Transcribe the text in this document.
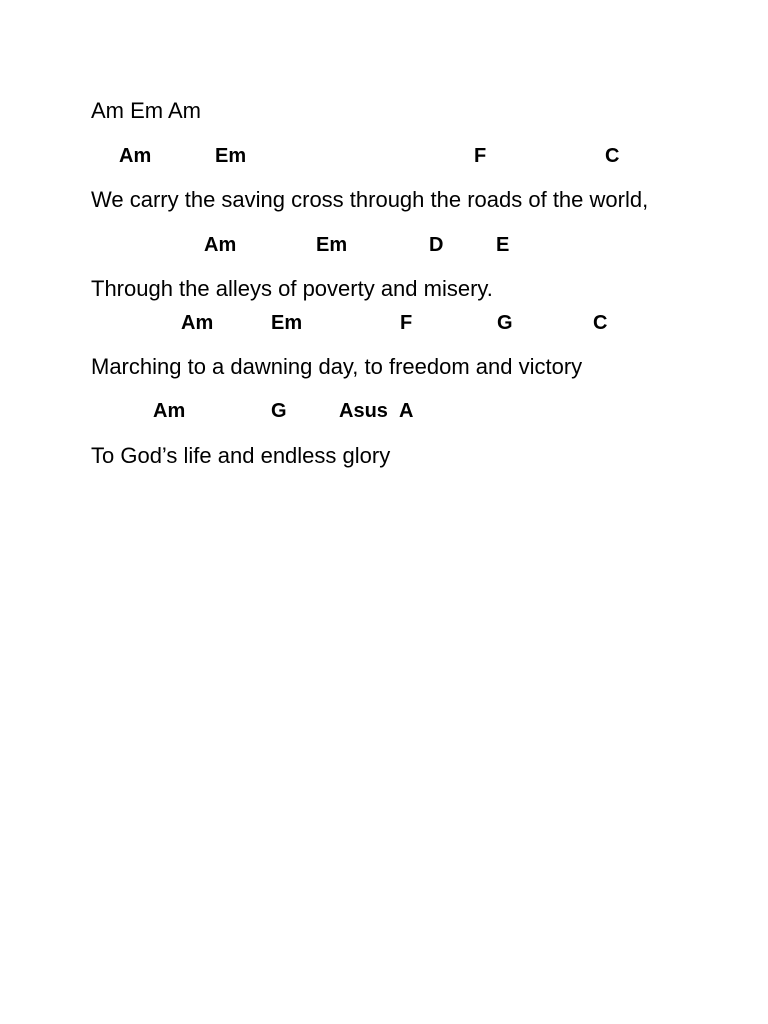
Am Em Am
Am	Em	F	C
We carry the saving cross through the roads of the world,
Am	Em	D	E
Through the alleys of poverty and misery.
Am	Em	F	G	C
Marching to a dawning day, to freedom and victory
Am	G	Asus A
To God’s life and endless glory
